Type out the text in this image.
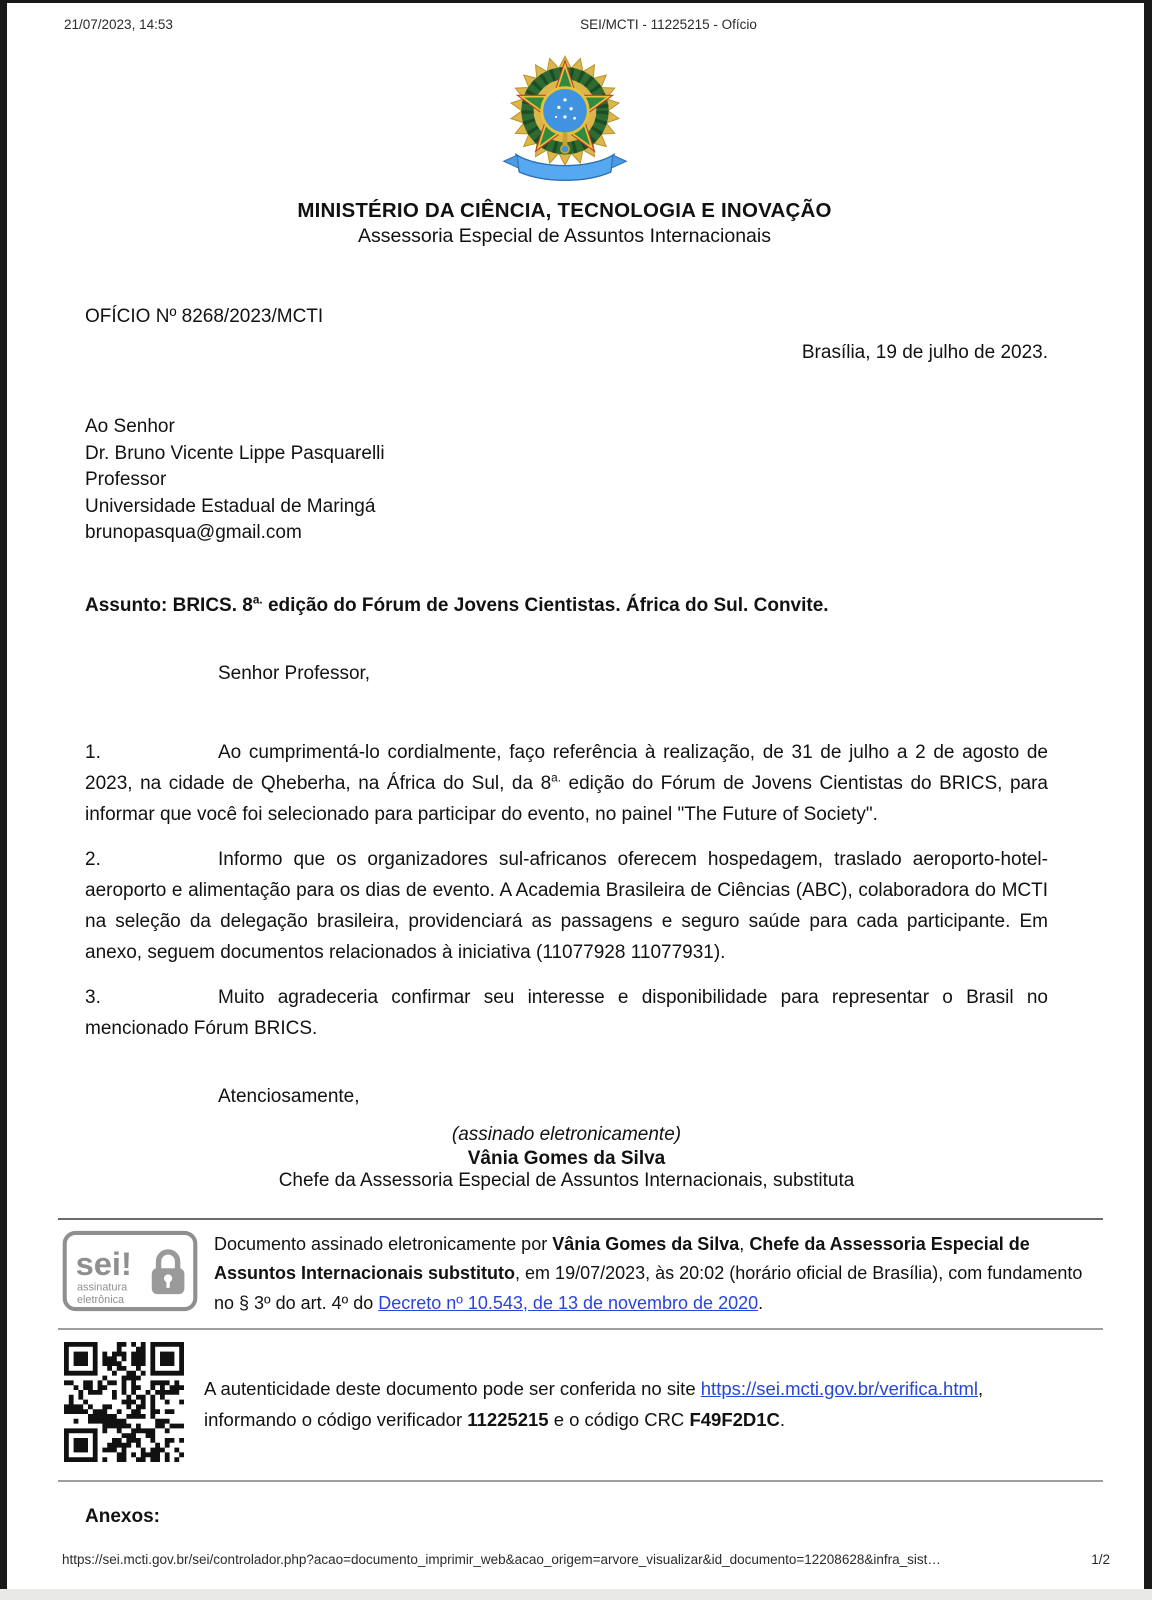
21/07/2023, 14:53	SEI/MCTI - 11225215 - Ofício
MINISTÉRIO DA CIÊNCIA, TECNOLOGIA E INOVAÇÃO
Assessoria Especial de Assuntos Internacionais
OFÍCIO Nº 8268/2023/MCTI
Brasília, 19 de julho de 2023.
Ao Senhor
Dr. Bruno Vicente Lippe Pasquarelli
Professor
Universidade Estadual de Maringá
brunopasqua@gmail.com
Assunto: BRICS. $8^{a.}$ edição do Fórum de Jovens Cientistas. África do Sul. Convite.
Senhor Professor,

1.	Ao cumprimentá-lo cordialmente, faço referência à realização, de 31 de julho a 2 de agosto de 2023, na cidade de Qheberha, na África do Sul, da $8^{a.}$ edição do Fórum de Jovens Cientistas do BRICS, para informar que você foi selecionado para participar do evento, no painel "The Future of Society".

2.	Informo que os organizadores sul-africanos oferecem hospedagem, traslado aeroporto-hotel-aeroporto e alimentação para os dias de evento. A Academia Brasileira de Ciências (ABC), colaboradora do MCTI na seleção da delegação brasileira, providenciará as passagens e seguro saúde para cada participante. Em anexo, seguem documentos relacionados à iniciativa (11077928 11077931).

3.	Muito agradeceria confirmar seu interesse e disponibilidade para representar o Brasil no mencionado Fórum BRICS.

Atenciosamente,
(assinado eletronicamente)
Vânia Gomes da Silva
Chefe da Assessoria Especial de Assuntos Internacionais, substituta
sei!
assinatura
eletrônica
Documento assinado eletronicamente por Vânia Gomes da Silva, Chefe da Assessoria Especial de Assuntos Internacionais substituto, em 19/07/2023, às 20:02 (horário oficial de Brasília), com fundamento no § 3º do art. 4º do Decreto nº 10.543, de 13 de novembro de 2020.
A autenticidade deste documento pode ser conferida no site https://sei.mcti.gov.br/verifica.html, informando o código verificador 11225215 e o código CRC F49F2D1C.
Anexos:
https://sei.mcti.gov.br/sei/controlador.php?acao=documento_imprimir_web&acao_origem=arvore_visualizar&id_documento=12208628&infra_sist…	1/2
